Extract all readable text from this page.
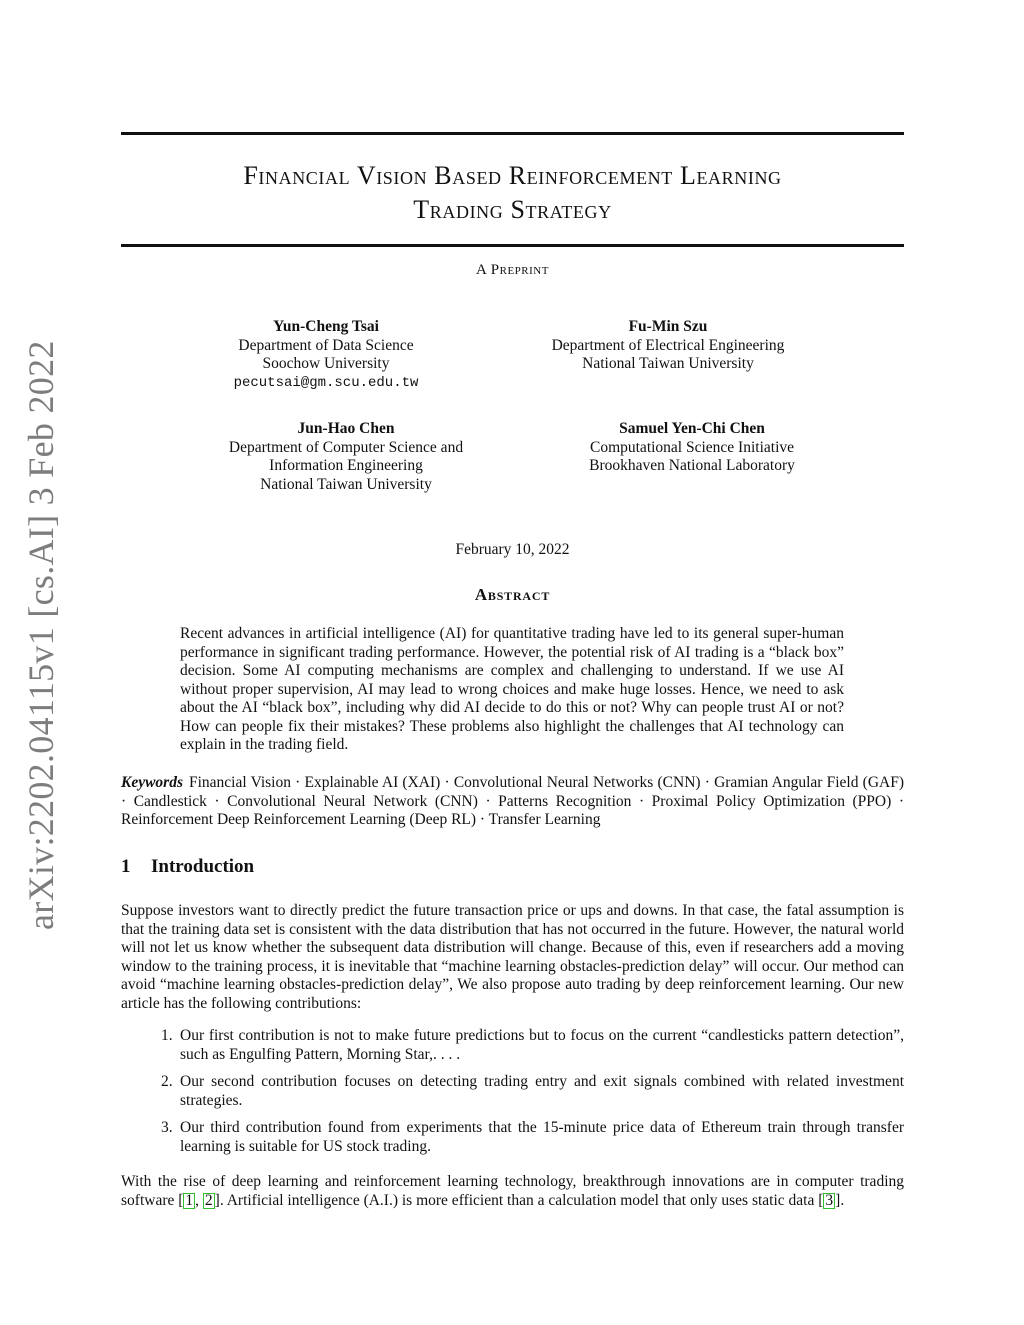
arXiv:2202.04115v1 [cs.AI] 3 Feb 2022
Financial Vision Based Reinforcement Learning
Trading Strategy
A Preprint
Yun-Cheng Tsai
Department of Data Science
Soochow University
pecutsai@gm.scu.edu.tw
Fu-Min Szu
Department of Electrical Engineering
National Taiwan University
Jun-Hao Chen
Department of Computer Science and
Information Engineering
National Taiwan University
Samuel Yen-Chi Chen
Computational Science Initiative
Brookhaven National Laboratory
February 10, 2022
Abstract

Recent advances in artificial intelligence (AI) for quantitative trading have led to its general super-human performance in significant trading performance. However, the potential risk of AI trading is a “black box” decision. Some AI computing mechanisms are complex and challenging to understand. If we use AI without proper supervision, AI may lead to wrong choices and make huge losses. Hence, we need to ask about the AI “black box”, including why did AI decide to do this or not? Why can people trust AI or not? How can people fix their mistakes? These problems also highlight the challenges that AI technology can explain in the trading field.

Keywords Financial Vision · Explainable AI (XAI) · Convolutional Neural Networks (CNN) · Gramian Angular Field (GAF) · Candlestick · Convolutional Neural Network (CNN) · Patterns Recognition · Proximal Policy Optimization (PPO) · Reinforcement Deep Reinforcement Learning (Deep RL) · Transfer Learning

1 Introduction

Suppose investors want to directly predict the future transaction price or ups and downs. In that case, the fatal assumption is that the training data set is consistent with the data distribution that has not occurred in the future. However, the natural world will not let us know whether the subsequent data distribution will change. Because of this, even if researchers add a moving window to the training process, it is inevitable that “machine learning obstacles-prediction delay” will occur. Our method can avoid “machine learning obstacles-prediction delay”, We also propose auto trading by deep reinforcement learning. Our new article has the following contributions:

1. Our first contribution is not to make future predictions but to focus on the current “candlesticks pattern detection”, such as Engulfing Pattern, Morning Star,. . . .
2. Our second contribution focuses on detecting trading entry and exit signals combined with related investment strategies.
3. Our third contribution found from experiments that the 15-minute price data of Ethereum train through transfer learning is suitable for US stock trading.

With the rise of deep learning and reinforcement learning technology, breakthrough innovations are in computer trading software [ 1 , 2 ]. Artificial intelligence (A.I.) is more efficient than a calculation model that only uses static data [ 3 ].
